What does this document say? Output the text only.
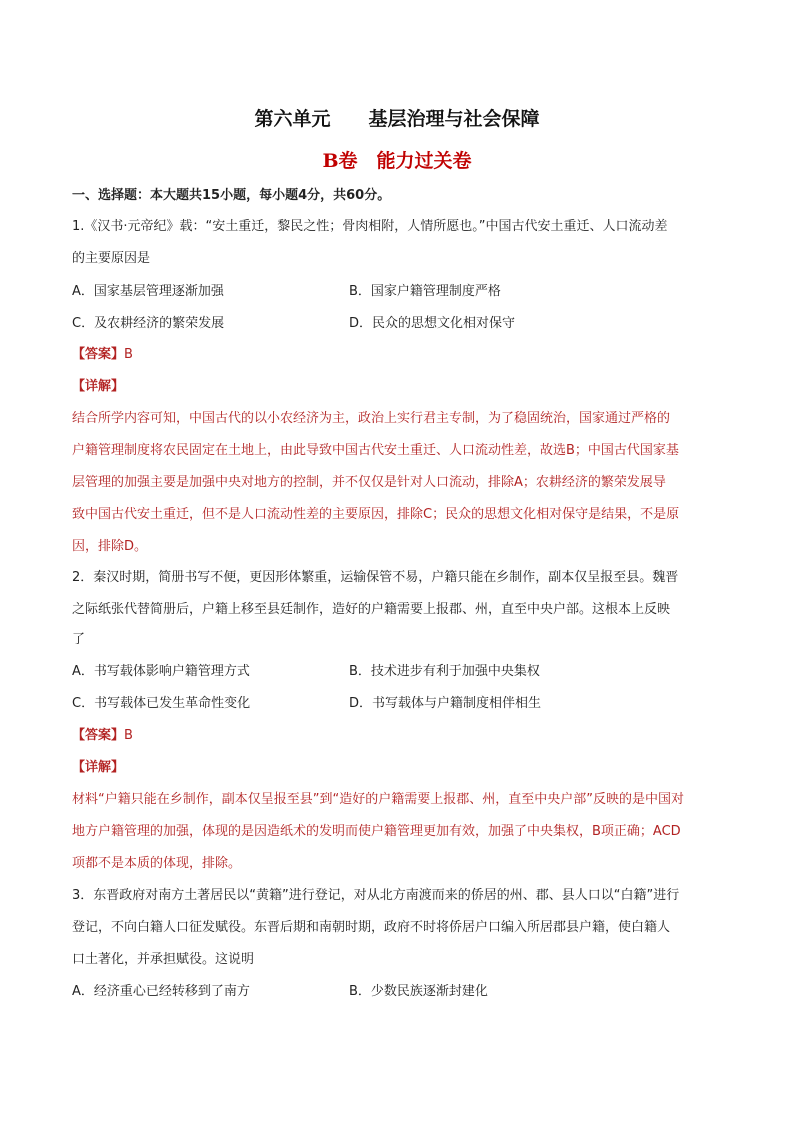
第六单元　　基层治理与社会保障
B卷　能力过关卷
一、选择题：本大题共15小题，每小题4分，共60分。
1.《汉书·元帝纪》载：“安土重迁，黎民之性；骨肉相附，人情所愿也。”中国古代安土重迁、人口流动差
的主要原因是
A．国家基层管理逐渐加强	B．国家户籍管理制度严格
C．及农耕经济的繁荣发展	D．民众的思想文化相对保守
【答案】B
【详解】
结合所学内容可知，中国古代的以小农经济为主，政治上实行君主专制，为了稳固统治，国家通过严格的
户籍管理制度将农民固定在土地上，由此导致中国古代安土重迁、人口流动性差，故选B；中国古代国家基
层管理的加强主要是加强中央对地方的控制，并不仅仅是针对人口流动，排除A；农耕经济的繁荣发展导
致中国古代安土重迁，但不是人口流动性差的主要原因，排除C；民众的思想文化相对保守是结果，不是原
因，排除D。
2．秦汉时期，简册书写不便，更因形体繁重，运输保管不易，户籍只能在乡制作，副本仅呈报至县。魏晋
之际纸张代替简册后，户籍上移至县廷制作，造好的户籍需要上报郡、州，直至中央户部。这根本上反映
了
A．书写载体影响户籍管理方式	B．技术进步有利于加强中央集权
C．书写载体已发生革命性变化	D．书写载体与户籍制度相伴相生
【答案】B
【详解】
材料“户籍只能在乡制作，副本仅呈报至县”到“造好的户籍需要上报郡、州，直至中央户部”反映的是中国对
地方户籍管理的加强，体现的是因造纸术的发明而使户籍管理更加有效，加强了中央集权，B项正确；ACD
项都不是本质的体现，排除。
3．东晋政府对南方土著居民以“黄籍”进行登记，对从北方南渡而来的侨居的州、郡、县人口以“白籍”进行
登记，不向白籍人口征发赋役。东晋后期和南朝时期，政府不时将侨居户口编入所居郡县户籍，使白籍人
口土著化，并承担赋役。这说明
A．经济重心已经转移到了南方	B．少数民族逐渐封建化
